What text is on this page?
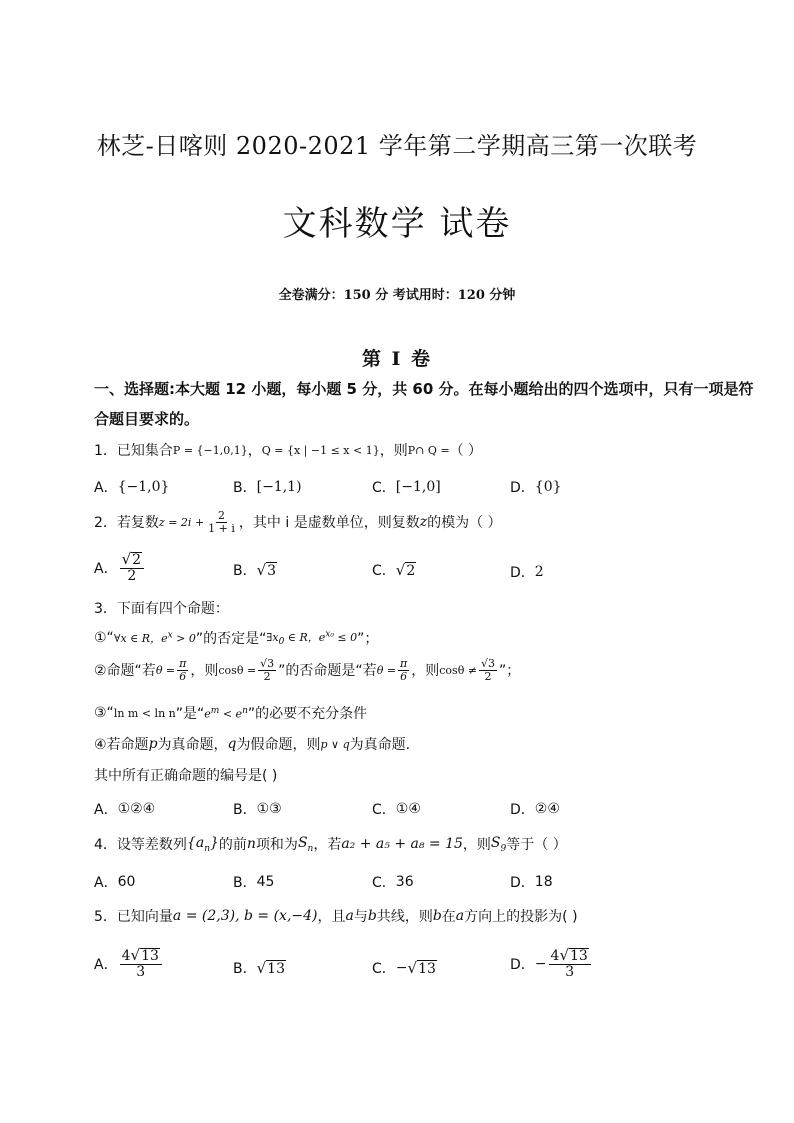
林芝-日喀则 2020-2021 学年第二学期高三第一次联考
文科数学 试卷
全卷满分：150 分 考试用时：120 分钟
第 I 卷
一、选择题:本大题 12 小题，每小题 5 分，共 60 分。在每小题给出的四个选项中，只有一项是符
合题目要求的。
1．已知集合 P = {−1,0,1} ， Q = {x | −1 ≤ x < 1} ，则 P∩ Q = （ ）
A． {−1,0}	B． [−1,1)	C． [−1,0]	D． {0}
2．若复数 $z = 2i + \frac{2}{1 + i}$ ，其中 i 是虚数单位，则复数 z 的模为（ ）
A． $\frac{√ 2}{2}$	B． √ 3	C． √ 2	D． 2
3．下面有四个命题：
①“ ∀x ∈ R，$e^x > 0$ ”的否定是“ $\exists x_0$ ∈ R，$e^{x_0} \le 0$ ”；
②命题“若 $\theta = \frac{\pi}{6}$ ，则 $\cos\theta = \frac{√3}{2}$ ”的否命题是“若 $\theta = \frac{\pi}{6}$ ，则 $\cos\theta \ne \frac{√3}{2}$ ”；
③“ ln m < ln n ”是“ $e^m < e^n$ ”的必要不充分条件
④若命题 p 为真命题， q 为假命题，则 p ∨ q 为真命题.
其中所有正确命题的编号是( )
A． ①②④	B． ①③	C． ①④	D． ②④
4．设等差数列 $\{a_n\}$ 的前 n 项和为 $S_n$ ，若 a₂ + a₅ + a₈ = 15 ，则 $S_9$ 等于（ ）
A． 60	B． 45	C． 36	D． 18
5．已知向量 a = (2,3), b = (x,−4) ，且 a 与 b 共线，则 b 在 a 方向上的投影为( )
A． $\frac{4 √ 13}{3}$	B． √ 13	C． − √ 13	D． − $\frac{4 √ 13}{3}$
